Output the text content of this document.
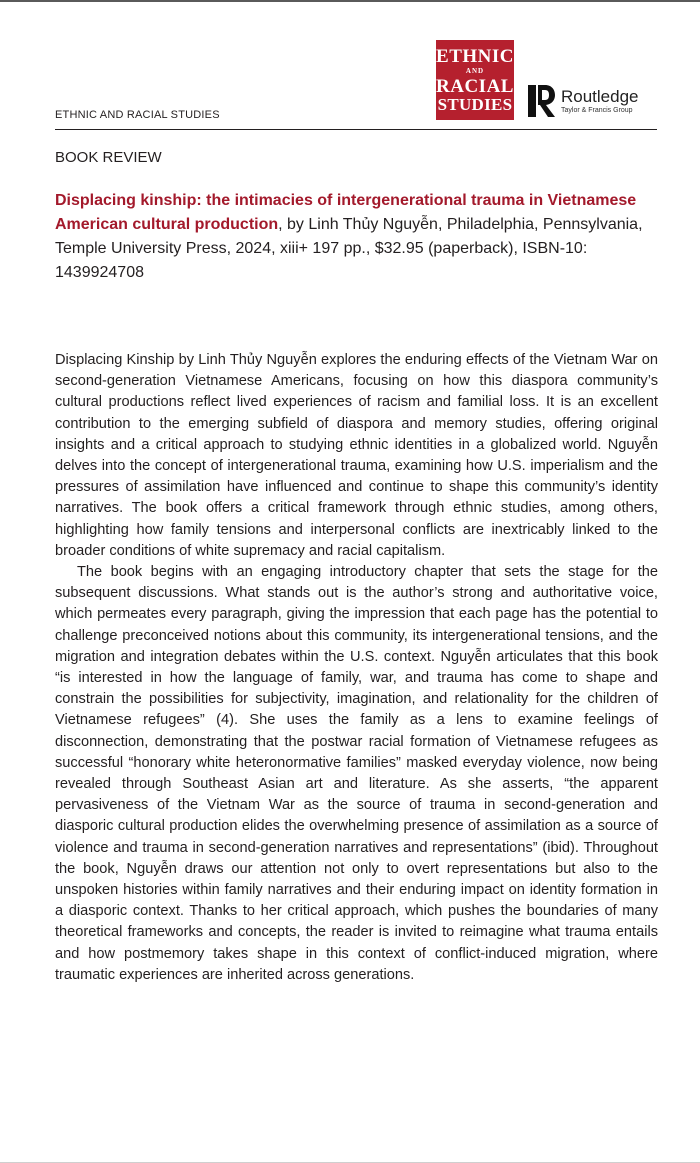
ETHNIC
AND
RACIAL
STUDIES	Routledge
Taylor & Francis Group
ETHNIC AND RACIAL STUDIES
BOOK REVIEW
Displacing kinship: the intimacies of intergenerational trauma in Vietnamese American cultural production, by Linh Thủy Nguyễn, Philadelphia, Pennsylvania, Temple University Press, 2024, xiii+ 197 pp., $32.95 (paperback), ISBN-10: 1439924708

Displacing Kinship by Linh Thủy Nguyễn explores the enduring effects of the Vietnam War on second-generation Vietnamese Americans, focusing on how this diaspora community’s cultural productions reflect lived experiences of racism and familial loss. It is an excellent contribution to the emerging subfield of diaspora and memory studies, offering original insights and a critical approach to studying ethnic identities in a globalized world. Nguyễn delves into the concept of intergenerational trauma, examining how U.S. imperialism and the pressures of assimilation have influenced and continue to shape this community’s identity narratives. The book offers a critical framework through ethnic studies, among others, highlighting how family tensions and interpersonal conflicts are inextricably linked to the broader conditions of white supremacy and racial capitalism.

The book begins with an engaging introductory chapter that sets the stage for the subsequent discussions. What stands out is the author’s strong and authoritative voice, which permeates every paragraph, giving the impression that each page has the potential to challenge preconceived notions about this community, its intergenerational tensions, and the migration and integration debates within the U.S. context. Nguyễn articulates that this book “is interested in how the language of family, war, and trauma has come to shape and constrain the possibilities for subjectivity, imagination, and relationality for the children of Vietnamese refugees” (4). She uses the family as a lens to examine feelings of disconnection, demonstrating that the postwar racial formation of Vietnamese refugees as successful “honorary white heteronormative families” masked everyday violence, now being revealed through Southeast Asian art and literature. As she asserts, “the apparent pervasiveness of the Vietnam War as the source of trauma in second-generation and diasporic cultural production elides the overwhelming presence of assimilation as a source of violence and trauma in second-generation narratives and representations” (ibid). Throughout the book, Nguyễn draws our attention not only to overt representations but also to the unspoken histories within family narratives and their enduring impact on identity formation in a diasporic context. Thanks to her critical approach, which pushes the boundaries of many theoretical frameworks and concepts, the reader is invited to reimagine what trauma entails and how postmemory takes shape in this context of conflict-induced migration, where traumatic experiences are inherited across generations.
